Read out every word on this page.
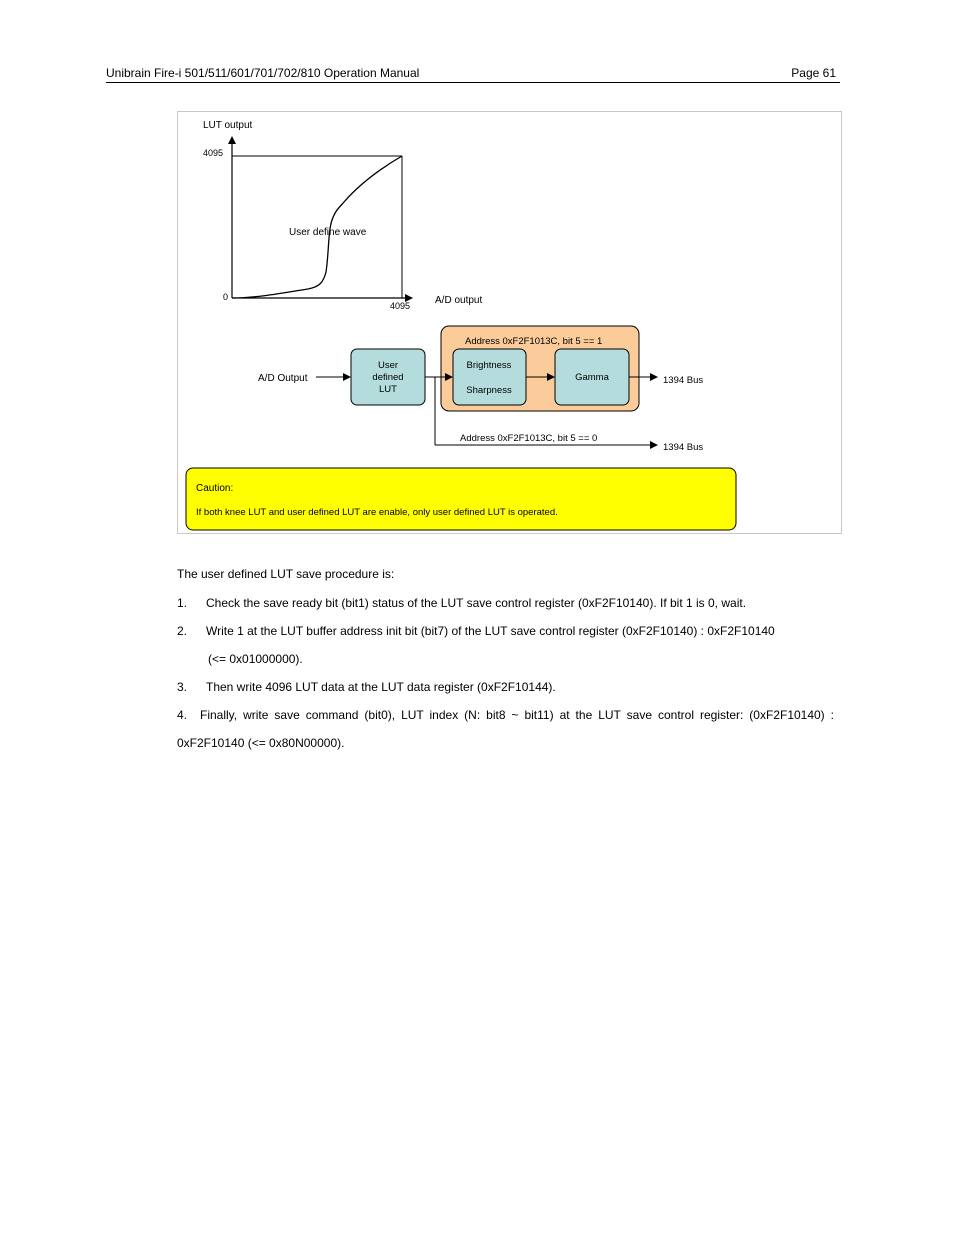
Unibrain Fire-i 501/511/601/701/702/810 Operation Manual	Page 61
LUT output
4095
0
4095 A/D output
User define wave
Address 0xF2F1013C, bit 5 == 1
User
defined
LUT
Brightness
Sharpness
Gamma
A/D Output	1394 Bus
Address 0xF2F1013C, bit 5 == 0
1394 Bus
Caution:
If both knee LUT and user defined LUT are enable, only user defined LUT is operated.
The user defined LUT save procedure is:
1. Check the save ready bit (bit1) status of the LUT save control register (0xF2F10140). If bit 1 is 0, wait.
2. Write 1 at the LUT buffer address init bit (bit7) of the LUT save control register (0xF2F10140) : 0xF2F10140
(<= 0x01000000).
3. Then write 4096 LUT data at the LUT data register (0xF2F10144).
4. Finally, write save command (bit0), LUT index (N: bit8 ~ bit11) at the LUT save control register: (0xF2F10140) :
0xF2F10140 (<= 0x80N00000).
